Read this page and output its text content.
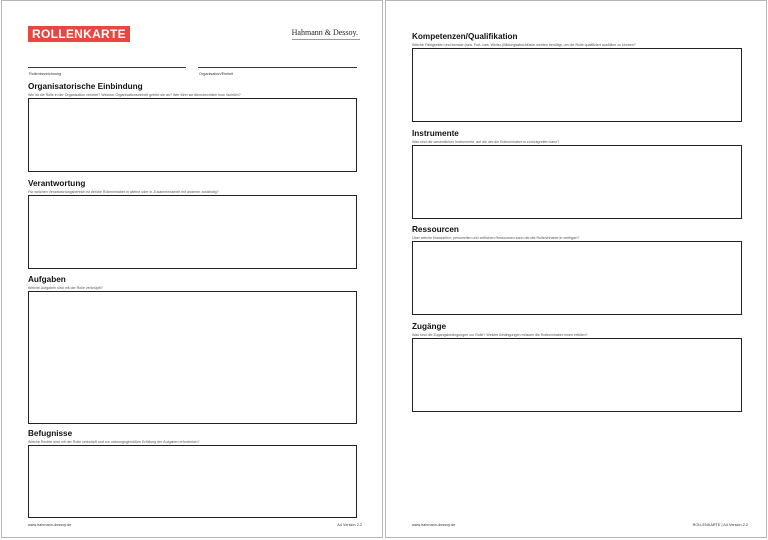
ROLLENKARTE	Hahmann & Dessoy.
Rollenbezeichnung	Organisation/Einheit
Organisatorische Einbindung
Wie ist die Rolle in der Organisation verortet? Welcher Organisationseinheit gehört sie an? Wer führt sie dienstrechtlich bzw. fachlich?
Verantwortung
Für welchen Verantwortungsbereich ist der/die Rolleninhaber:in alleine oder in Zusammenarbeit mit anderen zuständig?
Aufgaben
Welche Aufgaben sind mit der Rolle verknüpft?
Befugnisse
Welche Rechte sind mit der Rolle verknüpft und zur ordnungsgemäßen Erfüllung der Aufgaben erforderlich?
www.hahmann-dessoy.de	A4 Version 2.2
Kompetenzen/Qualifikation
Welche Fähigkeiten und formale (bzw. Fort- bzw. Weiter-)Bildungsabschlüsse werden benötigt, um die Rolle qualifiziert ausfüllen zu können?
Instrumente
Was sind die wesentlichen Instrumente, auf die der:die Rolleninhaber:in zurückgreifen kann?
Ressourcen
Über welche finanziellen, personellen und zeitlichen Ressourcen kann der:die Rolleninhaber:in verfügen?
Zugänge
Was sind die Zugangsbedingungen zur Rolle? Welche Bedingungen müssen die Rolleninhaber:innen erfüllen?
www.hahmann-dessoy.de	ROLLENKARTE | A4 Version 2.2
